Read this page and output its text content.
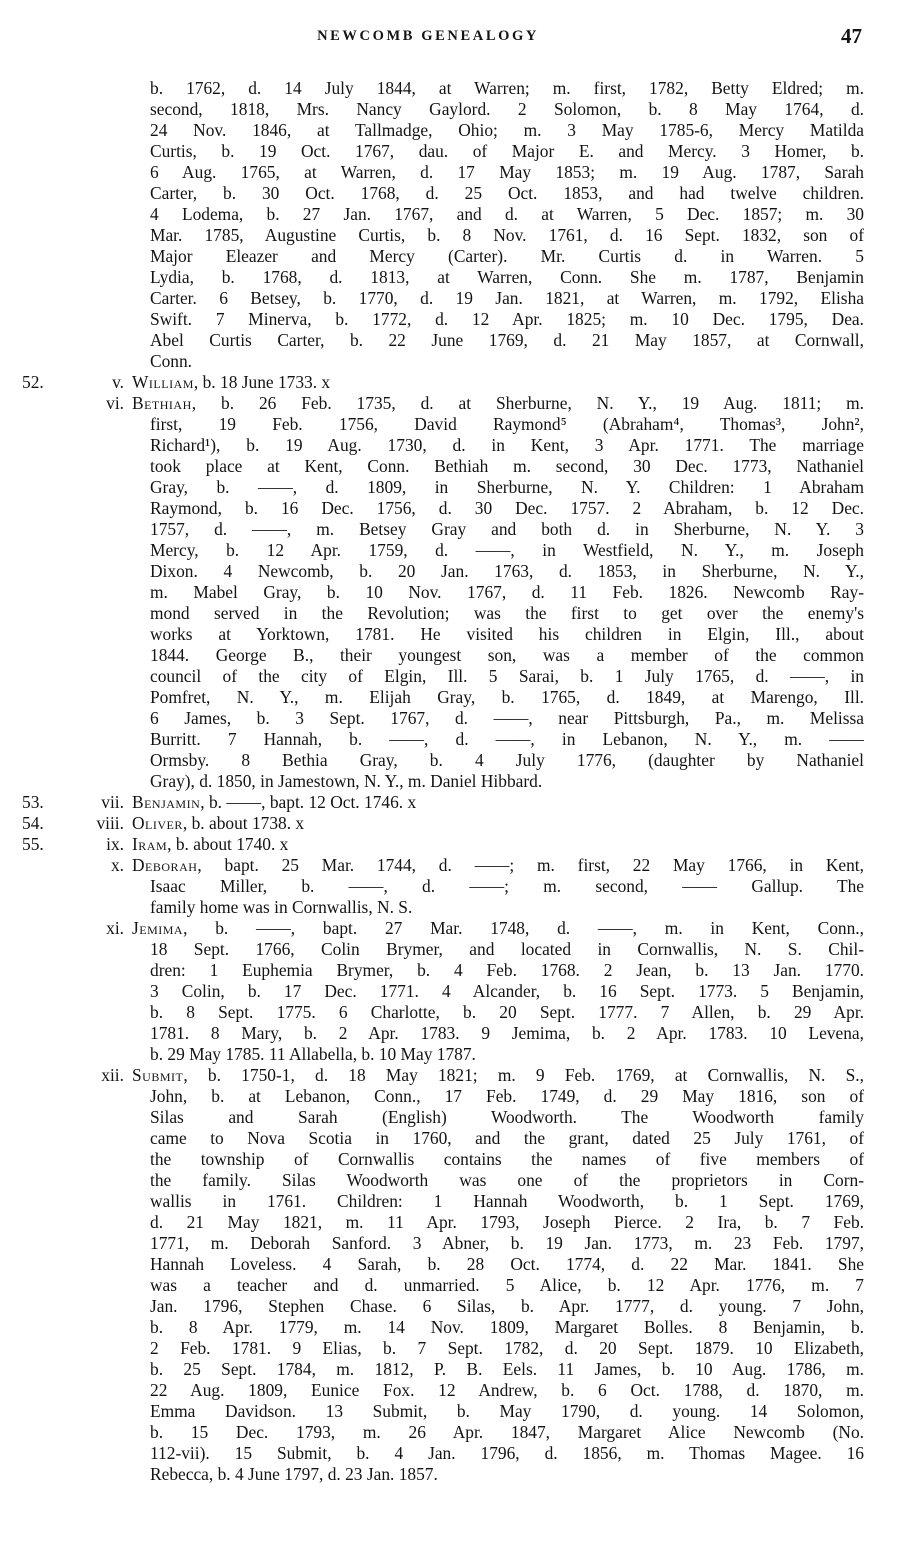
NEWCOMB GENEALOGY	47
b. 1762, d. 14 July 1844, at Warren; m. first, 1782, Betty Eldred; m.
second, 1818, Mrs. Nancy Gaylord. 2 Solomon, b. 8 May 1764, d.
24 Nov. 1846, at Tallmadge, Ohio; m. 3 May 1785-6, Mercy Matilda
Curtis, b. 19 Oct. 1767, dau. of Major E. and Mercy. 3 Homer, b.
6 Aug. 1765, at Warren, d. 17 May 1853; m. 19 Aug. 1787, Sarah
Carter, b. 30 Oct. 1768, d. 25 Oct. 1853, and had twelve children.
4 Lodema, b. 27 Jan. 1767, and d. at Warren, 5 Dec. 1857; m. 30
Mar. 1785, Augustine Curtis, b. 8 Nov. 1761, d. 16 Sept. 1832, son of
Major Eleazer and Mercy (Carter). Mr. Curtis d. in Warren. 5
Lydia, b. 1768, d. 1813, at Warren, Conn. She m. 1787, Benjamin
Carter. 6 Betsey, b. 1770, d. 19 Jan. 1821, at Warren, m. 1792, Elisha
Swift. 7 Minerva, b. 1772, d. 12 Apr. 1825; m. 10 Dec. 1795, Dea.
Abel Curtis Carter, b. 22 June 1769, d. 21 May 1857, at Cornwall,
Conn.
52.	v. William, b. 18 June 1733. x
vi. Bethiah, b. 26 Feb. 1735, d. at Sherburne, N. Y., 19 Aug. 1811; m.
first, 19 Feb. 1756, David Raymond⁵ (Abraham⁴, Thomas³, John²,
Richard¹), b. 19 Aug. 1730, d. in Kent, 3 Apr. 1771. The marriage
took place at Kent, Conn. Bethiah m. second, 30 Dec. 1773, Nathaniel
Gray, b. ——, d. 1809, in Sherburne, N. Y. Children: 1 Abraham
Raymond, b. 16 Dec. 1756, d. 30 Dec. 1757. 2 Abraham, b. 12 Dec.
1757, d. ——, m. Betsey Gray and both d. in Sherburne, N. Y. 3
Mercy, b. 12 Apr. 1759, d. ——, in Westfield, N. Y., m. Joseph
Dixon. 4 Newcomb, b. 20 Jan. 1763, d. 1853, in Sherburne, N. Y.,
m. Mabel Gray, b. 10 Nov. 1767, d. 11 Feb. 1826. Newcomb Ray-
mond served in the Revolution; was the first to get over the enemy's
works at Yorktown, 1781. He visited his children in Elgin, Ill., about
1844. George B., their youngest son, was a member of the common
council of the city of Elgin, Ill. 5 Sarai, b. 1 July 1765, d. ——, in
Pomfret, N. Y., m. Elijah Gray, b. 1765, d. 1849, at Marengo, Ill.
6 James, b. 3 Sept. 1767, d. ——, near Pittsburgh, Pa., m. Melissa
Burritt. 7 Hannah, b. ——, d. ——, in Lebanon, N. Y., m. ——
Ormsby. 8 Bethia Gray, b. 4 July 1776, (daughter by Nathaniel
Gray), d. 1850, in Jamestown, N. Y., m. Daniel Hibbard.
53.	vii. Benjamin, b. ——, bapt. 12 Oct. 1746. x
54.	viii. Oliver, b. about 1738. x
55.	ix. Iram, b. about 1740. x
x. Deborah, bapt. 25 Mar. 1744, d. ——; m. first, 22 May 1766, in Kent,
Isaac Miller, b. ——, d. ——; m. second, —— Gallup. The
family home was in Cornwallis, N. S.
xi. Jemima, b. ——, bapt. 27 Mar. 1748, d. ——, m. in Kent, Conn.,
18 Sept. 1766, Colin Brymer, and located in Cornwallis, N. S. Chil-
dren: 1 Euphemia Brymer, b. 4 Feb. 1768. 2 Jean, b. 13 Jan. 1770.
3 Colin, b. 17 Dec. 1771. 4 Alcander, b. 16 Sept. 1773. 5 Benjamin,
b. 8 Sept. 1775. 6 Charlotte, b. 20 Sept. 1777. 7 Allen, b. 29 Apr.
1781. 8 Mary, b. 2 Apr. 1783. 9 Jemima, b. 2 Apr. 1783. 10 Levena,
b. 29 May 1785. 11 Allabella, b. 10 May 1787.
xii. Submit, b. 1750-1, d. 18 May 1821; m. 9 Feb. 1769, at Cornwallis, N. S.,
John, b. at Lebanon, Conn., 17 Feb. 1749, d. 29 May 1816, son of
Silas and Sarah (English) Woodworth. The Woodworth family
came to Nova Scotia in 1760, and the grant, dated 25 July 1761, of
the township of Cornwallis contains the names of five members of
the family. Silas Woodworth was one of the proprietors in Corn-
wallis in 1761. Children: 1 Hannah Woodworth, b. 1 Sept. 1769,
d. 21 May 1821, m. 11 Apr. 1793, Joseph Pierce. 2 Ira, b. 7 Feb.
1771, m. Deborah Sanford. 3 Abner, b. 19 Jan. 1773, m. 23 Feb. 1797,
Hannah Loveless. 4 Sarah, b. 28 Oct. 1774, d. 22 Mar. 1841. She
was a teacher and d. unmarried. 5 Alice, b. 12 Apr. 1776, m. 7
Jan. 1796, Stephen Chase. 6 Silas, b. Apr. 1777, d. young. 7 John,
b. 8 Apr. 1779, m. 14 Nov. 1809, Margaret Bolles. 8 Benjamin, b.
2 Feb. 1781. 9 Elias, b. 7 Sept. 1782, d. 20 Sept. 1879. 10 Elizabeth,
b. 25 Sept. 1784, m. 1812, P. B. Eels. 11 James, b. 10 Aug. 1786, m.
22 Aug. 1809, Eunice Fox. 12 Andrew, b. 6 Oct. 1788, d. 1870, m.
Emma Davidson. 13 Submit, b. May 1790, d. young. 14 Solomon,
b. 15 Dec. 1793, m. 26 Apr. 1847, Margaret Alice Newcomb (No.
112-vii). 15 Submit, b. 4 Jan. 1796, d. 1856, m. Thomas Magee. 16
Rebecca, b. 4 June 1797, d. 23 Jan. 1857.
